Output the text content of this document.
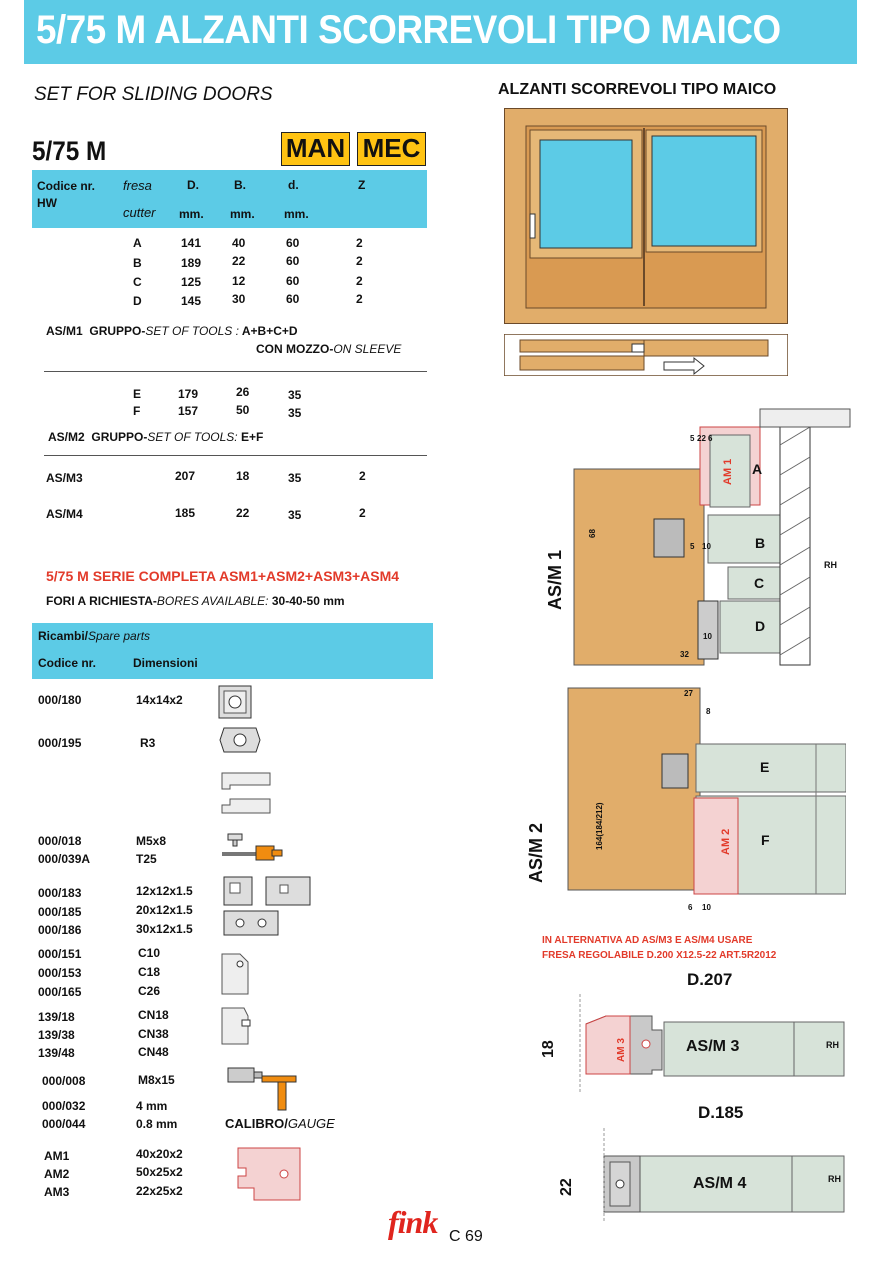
5/75 M ALZANTI SCORREVOLI TIPO MAICO
SET FOR SLIDING DOORS
5/75 M	MAN MEC
Codice nr.
HW
fresa
cutter
D.	B.	d.	Z
mm. mm. mm.
A	141	40	60	2
B	189	22	60	2
C	125	12	60	2
D	145	30	60	2
AS/M1 GRUPPO-SET OF TOOLS : A+B+C+D
CON MOZZO-ON SLEEVE
E	179	26	35
F	157	50	35
AS/M2 GRUPPO-SET OF TOOLS: E+F
AS/M3	207	18	35	2
AS/M4	185	22	35	2
5/75 M SERIE COMPLETA ASM1+ASM2+ASM3+ASM4
FORI A RICHIESTA-BORES AVAILABLE: 30-40-50 mm
Ricambi/Spare parts
Codice nr.	Dimensioni
000/180	14x14x2
000/195	R3
000/018	M5x8
000/039A	T25
000/183	12x12x1.5
000/185	20x12x1.5
000/186	30x12x1.5
000/151	C10
000/153	C18
000/165	C26
139/18	CN18
139/38	CN38
139/48	CN48
000/008	M8x15
000/032	4 mm
000/044	0.8 mm	CALIBRO/GAUGE
AM1	40x20x2
AM2	50x25x2
AM3	22x25x2
ALZANTI SCORREVOLI TIPO MAICO
A
B
C
D
AM 1
AS/M 1	RH
5 22 6
5 10
10
32
68
E
F
AM 2
AS/M 2
27
8
164(184/212)
6 10
IN ALTERNATIVA AD AS/M3 E AS/M4 USARE
FRESA REGOLABILE D.200 X12.5-22 ART.5R2012
D.207
18	AM 3	AS/M 3	RH
D.185
22	AS/M 4	RH
fink C 69
